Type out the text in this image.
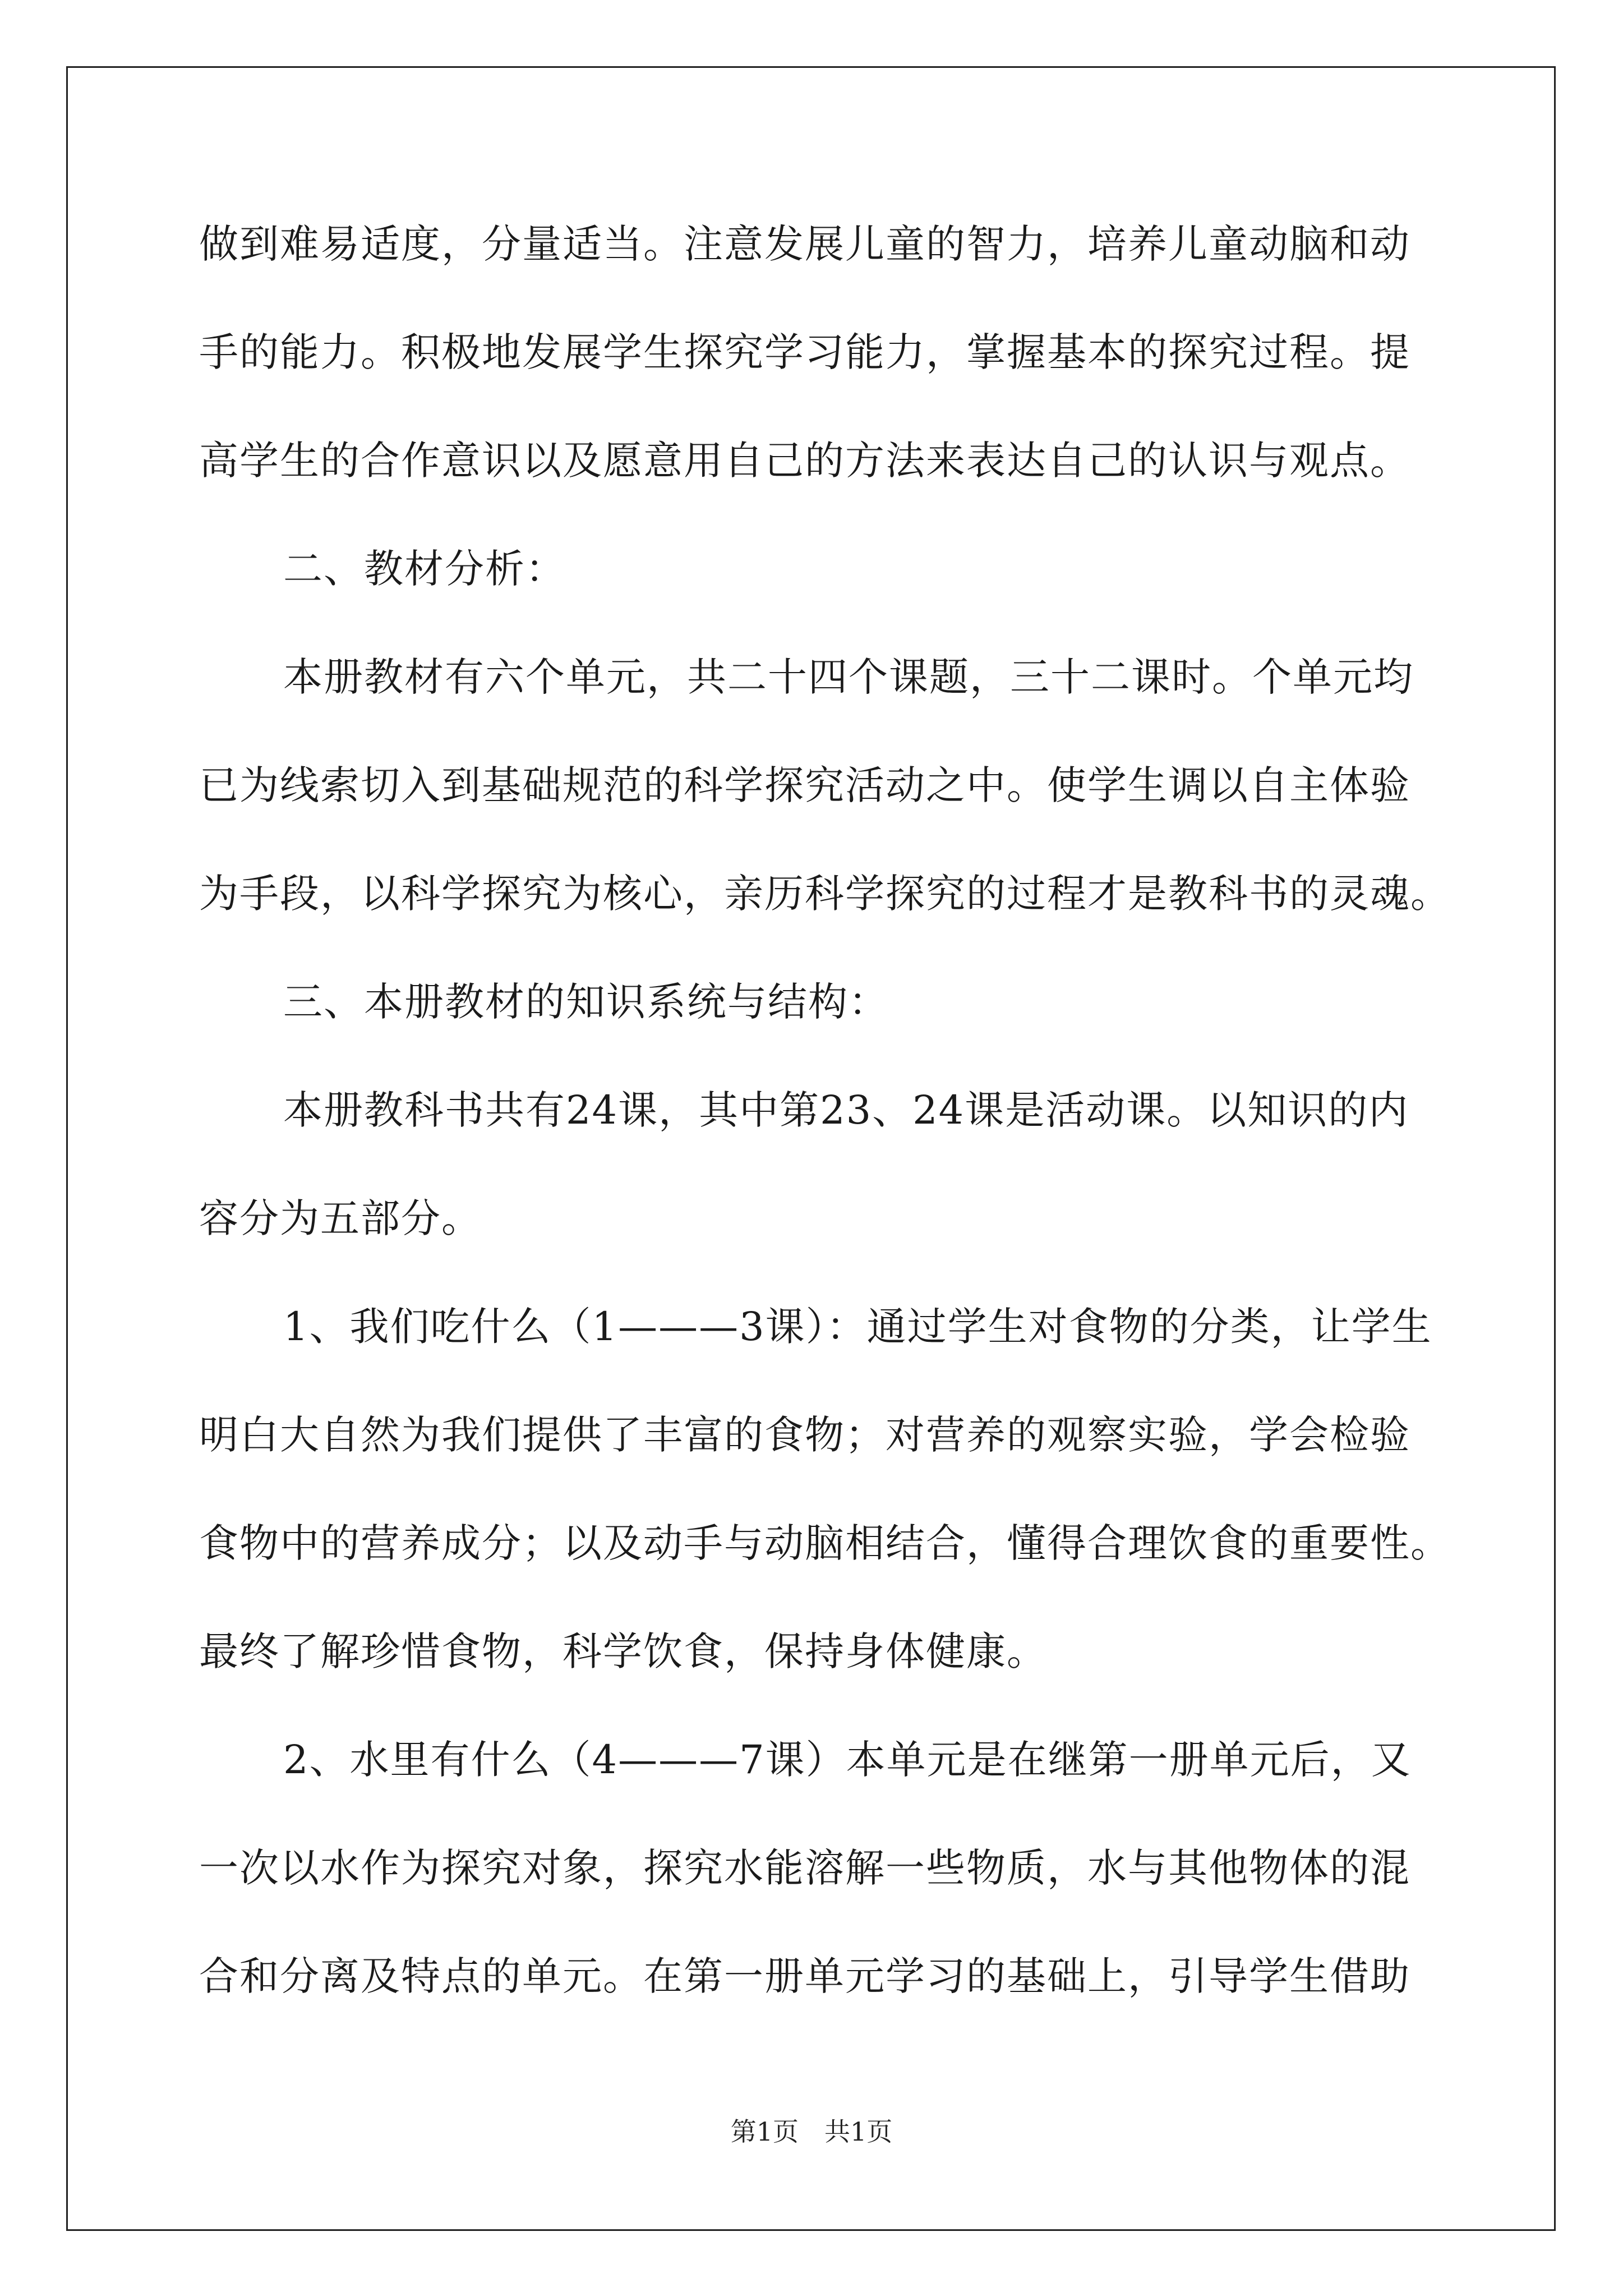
做到难易适度，分量适当。注意发展儿童的智力，培养儿童动脑和动
手的能力。积极地发展学生探究学习能力，掌握基本的探究过程。提
高学生的合作意识以及愿意用自己的方法来表达自己的认识与观点。
二、教材分析：
本册教材有六个单元，共二十四个课题，三十二课时。个单元均
已为线索切入到基础规范的科学探究活动之中。使学生调以自主体验
为手段，以科学探究为核心，亲历科学探究的过程才是教科书的灵魂。
三、本册教材的知识系统与结构：
本册教科书共有24课，其中第23、24课是活动课。以知识的内
容分为五部分。
1、我们吃什么（1———3课）：通过学生对食物的分类，让学生
明白大自然为我们提供了丰富的食物；对营养的观察实验，学会检验
食物中的营养成分；以及动手与动脑相结合，懂得合理饮食的重要性。
最终了解珍惜食物，科学饮食，保持身体健康。
2、水里有什么（4———7课）本单元是在继第一册单元后，又
一次以水作为探究对象，探究水能溶解一些物质，水与其他物体的混
合和分离及特点的单元。在第一册单元学习的基础上，引导学生借助
第1页　共1页
